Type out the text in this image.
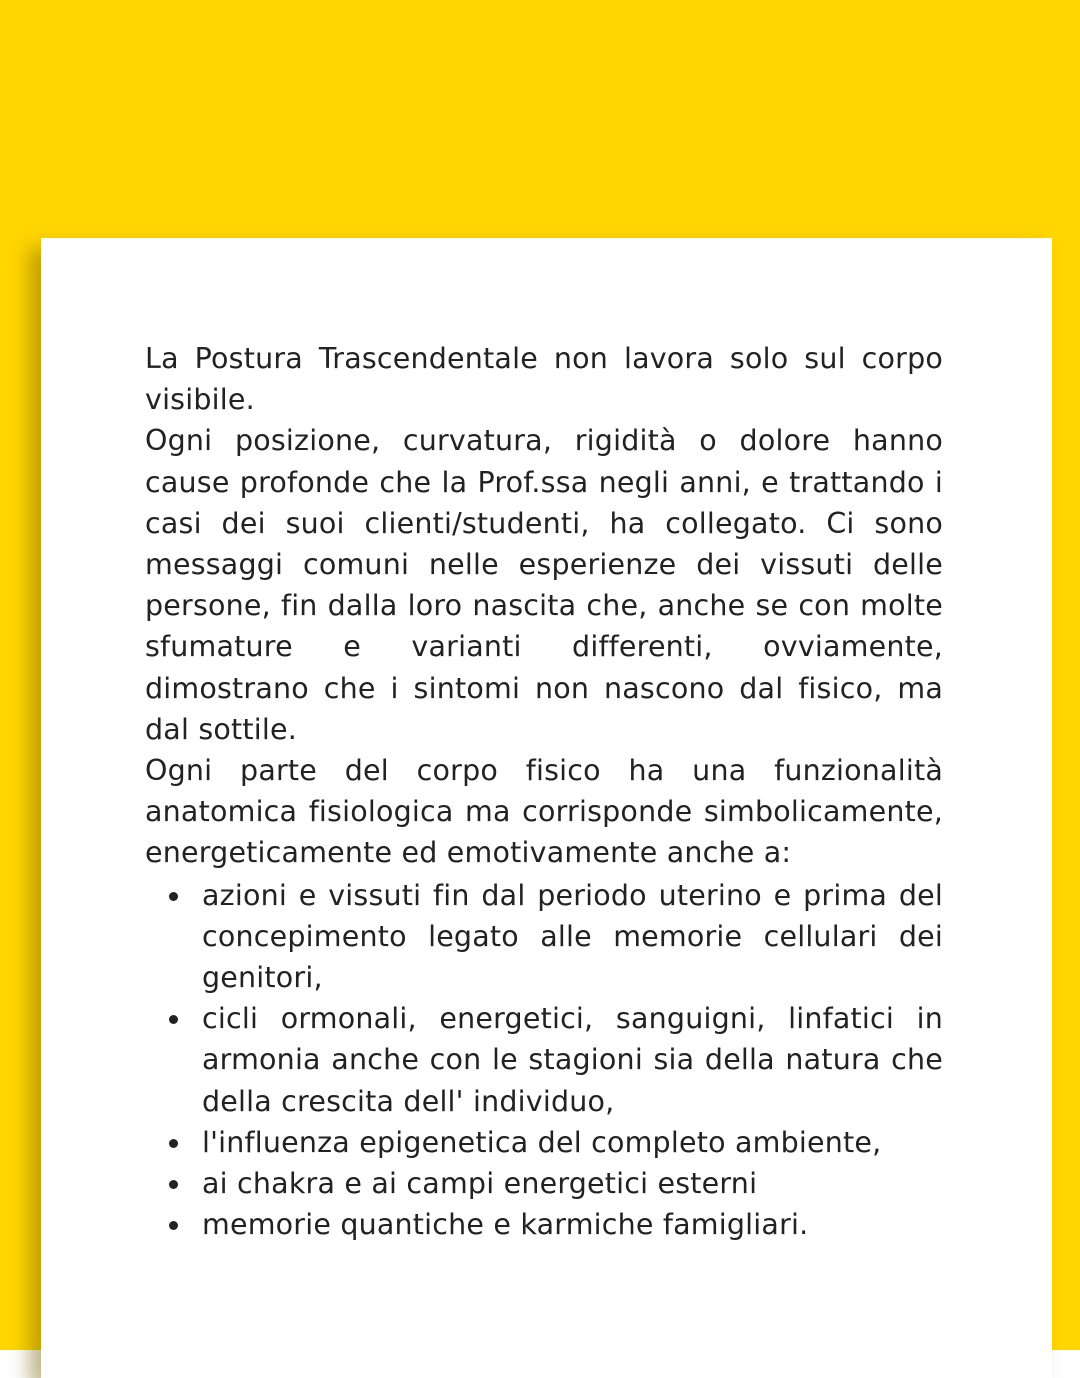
La Postura Trascendentale non lavora solo sul corpo visibile.

Ogni posizione, curvatura, rigidità o dolore hanno cause profonde che la Prof.ssa negli anni, e trattando i casi dei suoi clienti/studenti, ha collegato. Ci sono messaggi comuni nelle esperienze dei vissuti delle persone, fin dalla loro nascita che, anche se con molte sfumature e varianti differenti, ovviamente, dimostrano che i sintomi non nascono dal fisico, ma dal sottile.

Ogni parte del corpo fisico ha una funzionalità anatomica fisiologica ma corrisponde simbolicamente, energeticamente ed emotivamente anche a:

azioni e vissuti fin dal periodo uterino e prima del concepimento legato alle memorie cellulari dei genitori,
cicli ormonali, energetici, sanguigni, linfatici in armonia anche con le stagioni sia della natura che della crescita dell' individuo,
l'influenza epigenetica del completo ambiente,
ai chakra e ai campi energetici esterni
memorie quantiche e karmiche famigliari.
